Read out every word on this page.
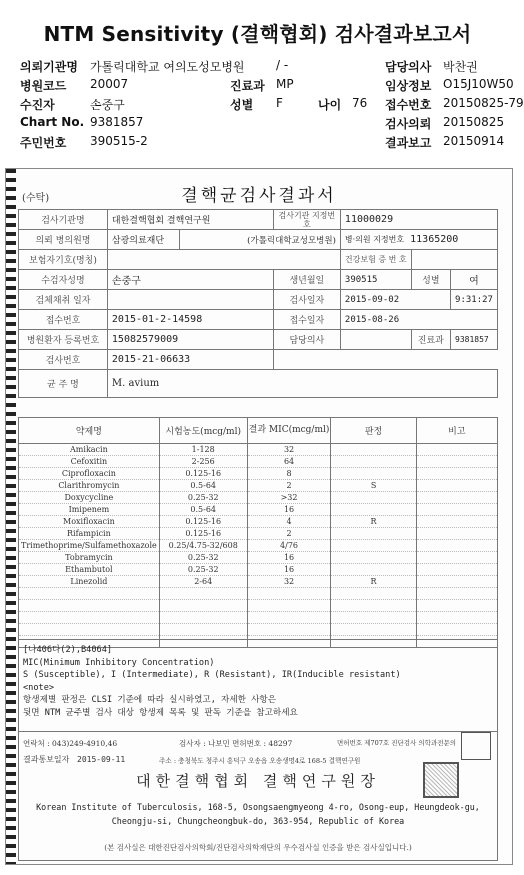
NTM Sensitivity (결핵협회) 검사결과보고서
의뢰기관명 가톨릭대학교 여의도성모병원	/ -	담당의사 박찬권
병원코드 20007	진료과 MP	임상정보 O15J10W50
수진자	손중구	성별 F	나이 76 접수번호 20150825-79
Chart No. 9381857	검사의뢰 20150825
주민번호 390515-2	결과보고 20150914
(수탁)	결핵균검사결과서
검사기관명	대한결핵협회 결핵연구원		검사기관 지정번호	11000029		
의뢰 병의원명	삼광의료재단	(가톨릭대학교성모병원)		병·의원 지정번호 11365200		
보험자기호(명칭)				건강보험 증 번 호		
수검자성명	손중구		생년월일	390515	성별	여
검체채취 일자			검사일자	2015-09-02		9:31:27
접수번호	2015-01-2-14598		접수일자	2015-08-26		
병원환자 등록번호	15082579009		담당의사		진료과	9381857
검사번호	2015-21-06633					
균 주 명	M. avium					
약제명	시험농도(mcg/ml)	결과 MIC(mcg/ml)	판정	비고
Amikacin	1-128	32		
Cefoxitin	2-256	64		
Ciprofloxacin	0.125-16	8		
Clarithromycin	0.5-64	2	S	
Doxycycline	0.25-32	>32		
Imipenem	0.5-64	16		
Moxifloxacin	0.125-16	4	R	
Rifampicin	0.125-16	2		
Trimethoprime/Sulfamethoxazole	0.25/4.75-32/608	4/76		
Tobramycin	0.25-32	16		
Ethambutol	0.25-32	16		
Linezolid	2-64	32	R	

[나406다(2),B4064]
MIC(Minimum Inhibitory Concentration)
S (Susceptible), I (Intermediate), R (Resistant), IR(Inducible resistant)
<note>
항생제별 판정은 CLSI 기준에 따라 실시하였고, 자세한 사항은
뒷면 NTM 균주별 검사 대상 항생제 목록 및 판독 기준을 참고하세요
연락처 : 043)249-4910,46	검사자 : 나보민 면허번호 : 48297	면허번호 제707호 진단검사 의학과전문의
결과통보일자 2015-09-11	주소 : 충청북도 청주시 흥덕구 오송읍 오송생명4로 168-5 결핵연구원
대한결핵협회 결핵연구원장
Korean Institute of Tuberculosis, 168-5, Osongsaengmyeong 4-ro, Osong-eup, Heungdeok-gu,
Cheongju-si, Chungcheongbuk-do, 363-954, Republic of Korea
(본 검사실은 대한진단검사의학회/진단검사의학재단의 우수검사실 인증을 받은 검사실입니다.)
